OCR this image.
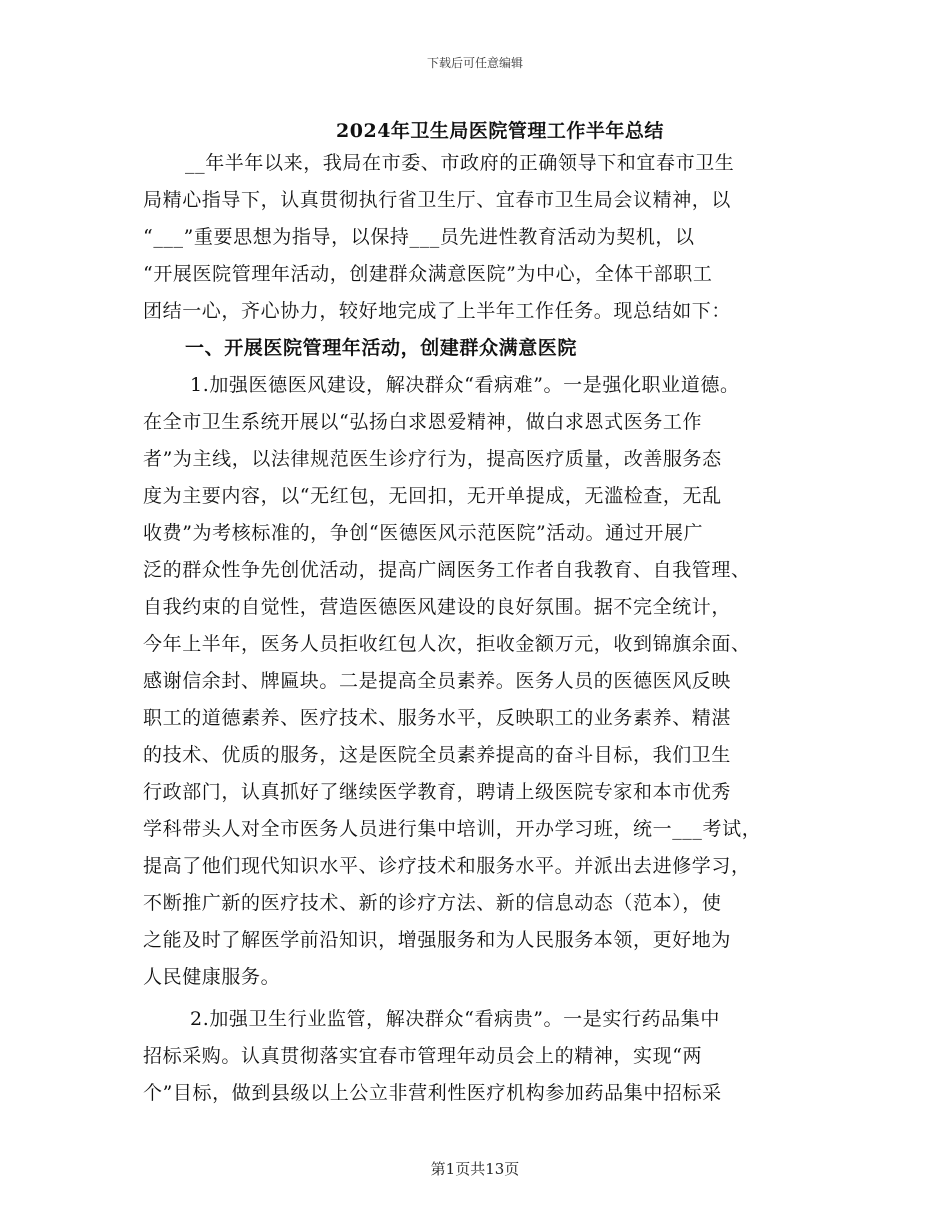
下载后可任意编辑
2024年卫生局医院管理工作半年总结
__年半年以来，我局在市委、市政府的正确领导下和宜春市卫生
局精心指导下，认真贯彻执行省卫生厅、宜春市卫生局会议精神，以
“___”重要思想为指导，以保持___员先进性教育活动为契机，以
“开展医院管理年活动，创建群众满意医院”为中心，全体干部职工
团结一心，齐心协力，较好地完成了上半年工作任务。现总结如下：
一、开展医院管理年活动，创建群众满意医院
1.加强医德医风建设，解决群众“看病难”。一是强化职业道德。
在全市卫生系统开展以“弘扬白求恩爱精神，做白求恩式医务工作
者”为主线，以法律规范医生诊疗行为，提高医疗质量，改善服务态
度为主要内容，以“无红包，无回扣，无开单提成，无滥检查，无乱
收费”为考核标准的，争创“医德医风示范医院”活动。通过开展广
泛的群众性争先创优活动，提高广阔医务工作者自我教育、自我管理、
自我约束的自觉性，营造医德医风建设的良好氛围。据不完全统计，
今年上半年，医务人员拒收红包人次，拒收金额万元，收到锦旗余面、
感谢信余封、牌匾块。二是提高全员素养。医务人员的医德医风反映
职工的道德素养、医疗技术、服务水平，反映职工的业务素养、精湛
的技术、优质的服务，这是医院全员素养提高的奋斗目标，我们卫生
行政部门，认真抓好了继续医学教育，聘请上级医院专家和本市优秀
学科带头人对全市医务人员进行集中培训，开办学习班，统一___考试，
提高了他们现代知识水平、诊疗技术和服务水平。并派出去进修学习，
不断推广新的医疗技术、新的诊疗方法、新的信息动态（范本），使
之能及时了解医学前沿知识，增强服务和为人民服务本领，更好地为
人民健康服务。
2.加强卫生行业监管，解决群众“看病贵”。一是实行药品集中
招标采购。认真贯彻落实宜春市管理年动员会上的精神，实现“两
个”目标，做到县级以上公立非营利性医疗机构参加药品集中招标采
第1页共13页
